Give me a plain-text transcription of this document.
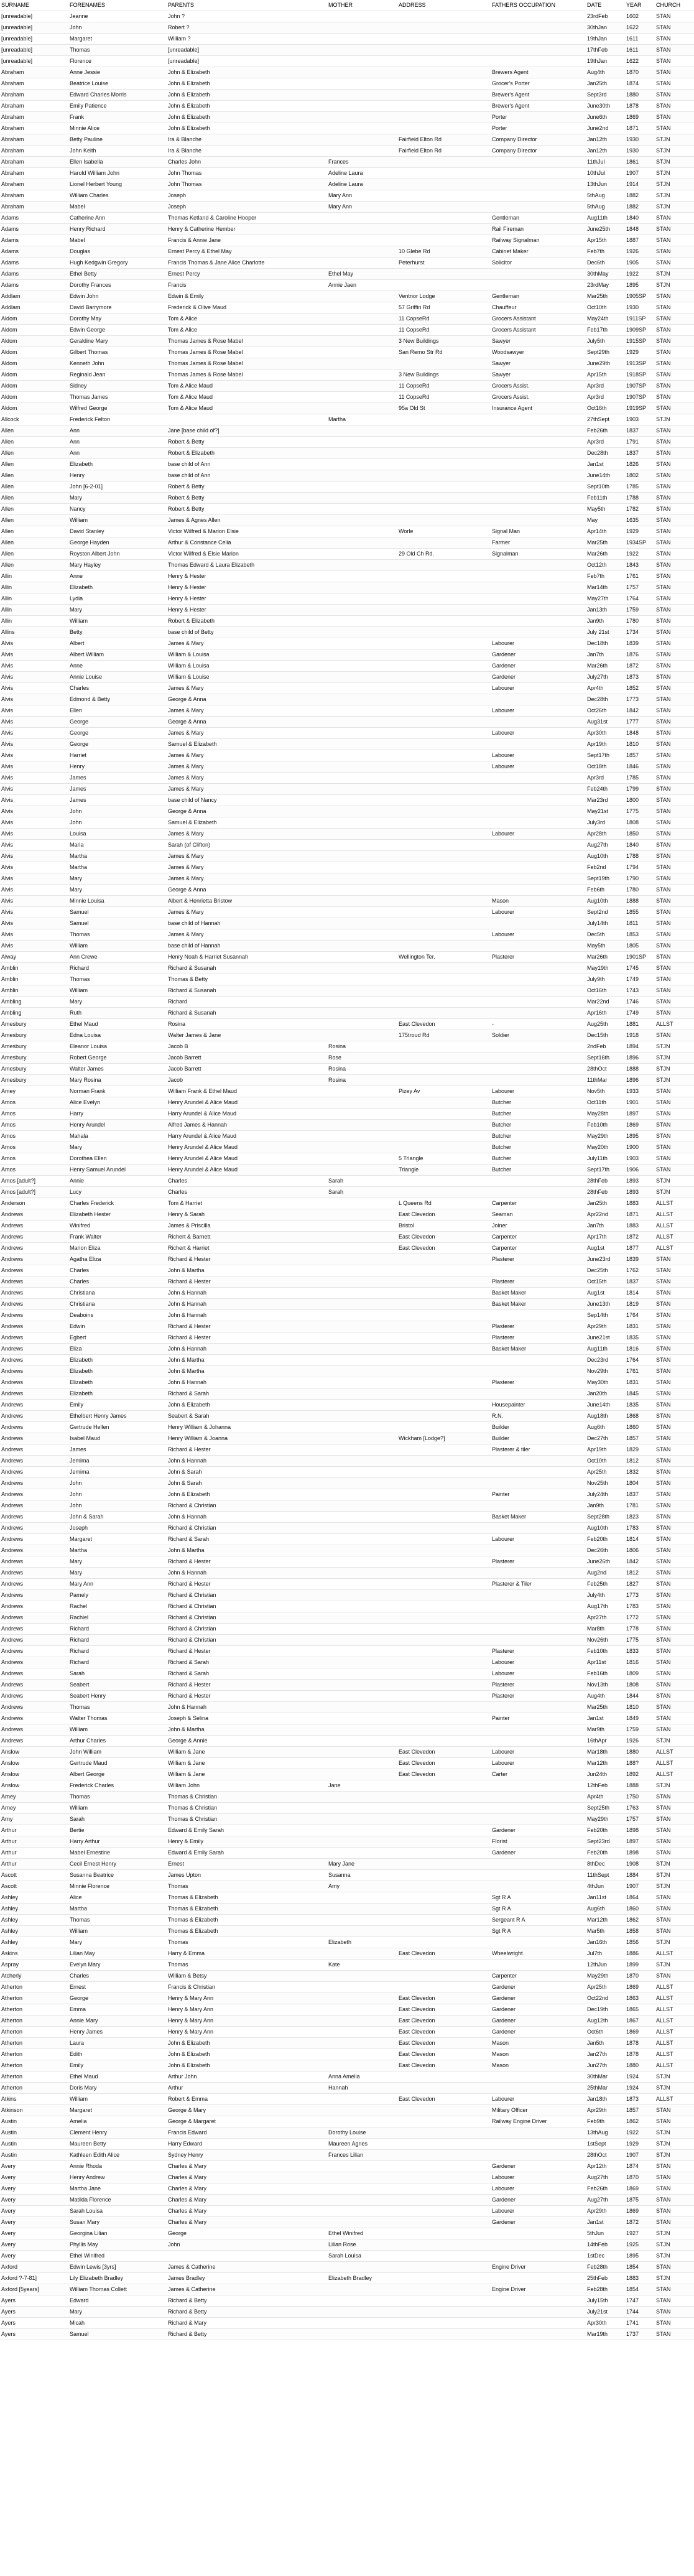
SURNAME	FORENAMES	PARENTS	MOTHER	ADDRESS	FATHERS OCCUPATION	DATE	YEAR	CHURCH
[unreadable]	Jeanne	John ?				23rdFeb	1602	STAN
[unreadable]	John	Robert ?				30thJan	1622	STAN
[unreadable]	Margaret	William ?				19thJan	1611	STAN
[unreadable]	Thomas	[unreadable]				17thFeb	1611	STAN
[unreadable]	Florence	[unreadable]				19thJan	1622	STAN
Abraham	Anne Jessie	John & Elizabeth			Brewers Agent	Aug4th	1870	STAN
Abraham	Beatrice Louise	John & Elizabeth			Grocer's Porter	Jan25th	1874	STAN
Abraham	Edward Charles Morris	John & Elizabeth			Brewer's Agent	Sept3rd	1880	STAN
Abraham	Emily Patience	John & Elizabeth			Brewer's Agent	June30th	1878	STAN
Abraham	Frank	John & Elizabeth			Porter	June6th	1869	STAN
Abraham	Minnie Alice	John & Elizabeth			Porter	June2nd	1871	STAN
Abraham	Betty Pauline	Ira & Blanche		Fairfield Elton Rd	Company Director	Jan12th	1930	STJN
Abraham	John Keith	Ira & Blanche		Fairfield Elton Rd	Company Director	Jan12th	1930	STJN
Abraham	Ellen Isabella	Charles John	Frances			11thJul	1861	STJN
Abraham	Harold William John	John Thomas	Adeline Laura			10thJul	1907	STJN
Abraham	Lionel Herbert Young	John Thomas	Adeline Laura			13thJun	1914	STJN
Abraham	William Charles	Joseph	Mary Ann			5thAug	1882	STJN
Abraham	Mabel	Joseph	Mary Ann			5thAug	1882	STJN
Adams	Catherine Ann	Thomas Ketland & Caroline Hooper			Gentleman	Aug11th	1840	STAN
Adams	Henry Richard	Henry & Catherine Hember			Rail Fireman	June25th	1848	STAN
Adams	Mabel	Francis & Annie Jane			Railway Signalman	Apr15th	1887	STAN
Adams	Douglas	Ernest Percy & Ethel May		10 Glebe Rd	Cabinet Maker	Feb7th	1926	STAN
Adams	Hugh Kedgwin Gregory	Francis Thomas & Jane Alice Charlotte		Peterhurst	Solicitor	Dec6th	1905	STAN
Adams	Ethel Betty	Ernest Percy	Ethel May			30thMay	1922	STJN
Adams	Dorothy Frances	Francis	Annie Jaen			23rdMay	1895	STJN
Addlam	Edwin John	Edwin & Emily		Ventnor Lodge	Gentleman	Mar25th	1905SP	STAN
Addlam	David Barrymore	Frederick & Olive Maud		57 Griffin Rd	Chauffeur	Oct10th	1930	STAN
Aldom	Dorothy May	Tom & Alice		11 CopseRd	Grocers Assistant	May24th	1911SP	STAN
Aldom	Edwin George	Tom & Alice		11 CopseRd	Grocers Assistant	Feb17th	1909SP	STAN
Aldom	Geraldine Mary	Thomas James & Rose Mabel		3 New Buildings	Sawyer	July5th	1915SP	STAN
Aldom	Gilbert Thomas	Thomas James & Rose Mabel		San Remo Str Rd	Woodsawyer	Sept29th	1929	STAN
Aldom	Kenneth John	Thomas James & Rose Mabel			Sawyer	June29th	1913SP	STAN
Aldom	Reginald Jean	Thomas James & Rose Mabel		3 New Buildings	Sawyer	Apr15th	1918SP	STAN
Aldom	Sidney	Tom & Alice Maud		11 CopseRd	Grocers Assist.	Apr3rd	1907SP	STAN
Aldom	Thomas James	Tom & Alice Maud		11 CopseRd	Grocers Assist.	Apr3rd	1907SP	STAN
Aldom	Wilfred George	Tom & Alice Maud		95a Old St	Insurance Agent	Oct16th	1919SP	STAN
Allcock	Frederick Felton		Martha			27thSept	1903	STJN
Allen	Ann	Jane [base child of?]				Feb26th	1837	STAN
Allen	Ann	Robert & Betty				Apr3rd	1791	STAN
Allen	Ann	Robert & Elizabeth				Dec28th	1837	STAN
Allen	Elizabeth	base child of Ann				Jan1st	1826	STAN
Allen	Henry	base child of Ann				June14th	1802	STAN
Allen	John [6-2-01]	Robert & Betty				Sept10th	1785	STAN
Allen	Mary	Robert & Betty				Feb11th	1788	STAN
Allen	Nancy	Robert & Betty				May5th	1782	STAN
Allen	William	James & Agnes Allen				May	1635	STAN
Allen	David Stanley	Victor Wilfred & Marion Elsie		Worle	Signal Man	Apr14th	1929	STAN
Allen	George Hayden	Arthur & Constance Celia			Farmer	Mar25th	1934SP	STAN
Allen	Royston Albert John	Victor Wilfred & Elsie Marion		29 Old Ch Rd.	Signalman	Mar26th	1922	STAN
Allen	Mary Hayley	Thomas Edward & Laura Elizabeth				Oct12th	1843	STAN
Allin	Anne	Henry & Hester				Feb7th	1761	STAN
Allin	Elizabeth	Henry & Hester				Mar14th	1757	STAN
Allin	Lydia	Henry & Hester				May27th	1764	STAN
Allin	Mary	Henry & Hester				Jan13th	1759	STAN
Allin	William	Robert & Elizabeth				Jan9th	1780	STAN
Allins	Betty	base child of Betty				July 21st	1734	STAN
Alvis	Albert	James & Mary			Labourer	Dec18th	1839	STAN
Alvis	Albert William	William & Louisa			Gardener	Jan7th	1876	STAN
Alvis	Anne	William & Louisa			Gardener	Mar26th	1872	STAN
Alvis	Annie Louise	William & Louise			Gardener	July27th	1873	STAN
Alvis	Charles	James & Mary			Labourer	Apr4th	1852	STAN
Alvis	Edmond & Betty	George & Anna				Dec28th	1773	STAN
Alvis	Ellen	James & Mary			Labourer	Oct26th	1842	STAN
Alvis	George	George & Anna				Aug31st	1777	STAN
Alvis	George	James & Mary			Labourer	Apr30th	1848	STAN
Alvis	George	Samuel & Elizabeth				Apr19th	1810	STAN
Alvis	Harriet	James & Mary			Labourer	Sept17th	1857	STAN
Alvis	Henry	James & Mary			Labourer	Oct18th	1846	STAN
Alvis	James	James & Mary				Apr3rd	1785	STAN
Alvis	James	James & Mary				Feb24th	1799	STAN
Alvis	James	base child of Nancy				Mar23rd	1800	STAN
Alvis	John	George & Anna				May21st	1775	STAN
Alvis	John	Samuel & Elizabeth				July3rd	1808	STAN
Alvis	Louisa	James & Mary			Labourer	Apr28th	1850	STAN
Alvis	Maria	Sarah (of Clifton)				Aug27th	1840	STAN
Alvis	Martha	James & Mary				Aug10th	1788	STAN
Alvis	Martha	James & Mary				Feb2nd	1794	STAN
Alvis	Mary	James & Mary				Sept19th	1790	STAN
Alvis	Mary	George & Anna				Feb6th	1780	STAN
Alvis	Minnie Louisa	Albert & Henrietta Bristow			Mason	Aug10th	1888	STAN
Alvis	Samuel	James & Mary			Labourer	Sept2nd	1855	STAN
Alvis	Samuel	base child of Hannah				July14th	1811	STAN
Alvis	Thomas	James & Mary			Labourer	Dec5th	1853	STAN
Alvis	William	base child of Hannah				May5th	1805	STAN
Alway	Ann Crewe	Henry Noah & Harriet Susannah		Wellington Ter.	Plasterer	Mar26th	1901SP	STAN
Amblin	Richard	Richard & Susanah				May19th	1745	STAN
Amblin	Thomas	Thomas & Betty				July9th	1749	STAN
Amblin	William	Richard & Susanah				Oct16th	1743	STAN
Ambling	Mary	Richard				Mar22nd	1746	STAN
Ambling	Ruth	Richard & Susanah				Apr16th	1749	STAN
Amesbury	Ethel Maud	Rosina		East Clevedon	-	Aug25th	1881	ALLST
Amesbury	Edna Louisa	Walter James & Jane		175troud Rd	Soldier	Dec15th	1918	STAN
Amesbury	Eleanor Louisa	Jacob B	Rosina			2ndFeb	1894	STJN
Amesbury	Robert George	Jacob Barrett	Rose			Sept16th	1896	STJN
Amesbury	Walter James	Jacob Barrett	Rosina			28thOct	1888	STJN
Amesbury	Mary Rosina	Jacob	Rosina			11thMar	1896	STJN
Amey	Norman Frank	William Frank & Ethel Maud		Pizey Av	Labourer	Nov5th	1933	STAN
Amos	Alice Evelyn	Henry Arundel & Alice Maud			Butcher	Oct11th	1901	STAN
Amos	Harry	Harry Arundel & Alice Maud			Butcher	May28th	1897	STAN
Amos	Henry Arundel	Alfred James & Hannah			Butcher	Feb10th	1869	STAN
Amos	Mahala	Harry Arundel & Alice Maud			Butcher	May29th	1895	STAN
Amos	Mary	Henry Arundel & Alice Maud			Butcher	May20th	1900	STAN
Amos	Dorothea Ellen	Henry Arundel & Alice Maud		5 Triangle	Butcher	July11th	1903	STAN
Amos	Henry Samuel Arundel	Henry Arundel & Alice Maud		Triangle	Butcher	Sept17th	1906	STAN
Amos [adult?]	Annie	Charles	Sarah			28thFeb	1893	STJN
Amos [adult?]	Lucy	Charles	Sarah			28thFeb	1893	STJN
Anderson	Charles Frederick	Tom & Harriet		L Queens Rd	Carpenter	Jan25th	1883	ALLST
Andrews	Elizabeth Hester	Henry & Sarah		East Clevedon	Seaman	Apr22nd	1871	ALLST
Andrews	Winifred	James & Priscilla		Bristol	Joiner	Jan7th	1883	ALLST
Andrews	Frank Walter	Richert & Barnett		East Clevedon	Carpenter	Apr17th	1872	ALLST
Andrews	Marion Eliza	Richert & Harriet		East Clevedon	Carpenter	Aug1st	1877	ALLST
Andrews	Agatha Eliza	Richard & Hester			Plasterer	June23rd	1839	STAN
Andrews	Charles	John & Martha				Dec25th	1762	STAN
Andrews	Charles	Richard & Hester			Plasterer	Oct15th	1837	STAN
Andrews	Christiana	John & Hannah			Basket Maker	Aug1st	1814	STAN
Andrews	Christiana	John & Hannah			Basket Maker	June13th	1819	STAN
Andrews	Deaboins	John & Hannah				Sep14th	1764	STAN
Andrews	Edwin	Richard & Hester			Plasterer	Apr29th	1831	STAN
Andrews	Egbert	Richard & Hester			Plasterer	June21st	1835	STAN
Andrews	Eliza	John & Hannah			Basket Maker	Aug11th	1816	STAN
Andrews	Elizabeth	John & Martha				Dec23rd	1764	STAN
Andrews	Elizabeth	John & Martha				Nov29th	1761	STAN
Andrews	Elizabeth	John & Hannah			Plasterer	May30th	1831	STAN
Andrews	Elizabeth	Richard & Sarah				Jan20th	1845	STAN
Andrews	Emily	John & Elizabeth			Housepainter	June14th	1835	STAN
Andrews	Ethelbert Henry James	Seabert & Sarah			R.N.	Aug18th	1868	STAN
Andrews	Gertrude Hellen	Henry William & Johanna			Builder	Aug6th	1860	STAN
Andrews	Isabel Maud	Henry William & Joanna		Wickham [Lodge?]	Builder	Dec27th	1857	STAN
Andrews	James	Richard & Hester			Plasterer & tiler	Apr19th	1829	STAN
Andrews	Jemima	John & Hannah				Oct10th	1812	STAN
Andrews	Jemima	John & Sarah				Apr25th	1832	STAN
Andrews	John	John & Sarah				Nov25th	1804	STAN
Andrews	John	John & Elizabeth			Painter	July24th	1837	STAN
Andrews	John	Richard & Christian				Jan9th	1781	STAN
Andrews	John & Sarah	John & Hannah			Basket Maker	Sept28th	1823	STAN
Andrews	Joseph	Richard & Christian				Aug10th	1783	STAN
Andrews	Margaret	Richard & Sarah			Labourer	Feb20th	1814	STAN
Andrews	Martha	John & Martha				Dec26th	1806	STAN
Andrews	Mary	Richard & Hester			Plasterer	June26th	1842	STAN
Andrews	Mary	John & Hannah				Aug2nd	1812	STAN
Andrews	Mary Ann	Richard & Hester			Plasterer & Tiler	Feb25th	1827	STAN
Andrews	Pamely	Richard & Christian				July4th	1773	STAN
Andrews	Rachel	Richard & Christian				Aug17th	1783	STAN
Andrews	Rachiel	Richard & Christian				Apr27th	1772	STAN
Andrews	Richard	Richard & Christian				Mar8th	1778	STAN
Andrews	Richard	Richard & Christian				Nov26th	1775	STAN
Andrews	Richard	Richard & Hester			Plasterer	Feb10th	1833	STAN
Andrews	Richard	Richard & Sarah			Labourer	Apr11st	1816	STAN
Andrews	Sarah	Richard & Sarah			Labourer	Feb16th	1809	STAN
Andrews	Seabert	Richard & Hester			Plasterer	Nov13th	1808	STAN
Andrews	Seabert Henry	Richard & Hester			Plasterer	Aug4th	1844	STAN
Andrews	Thomas	John & Hannah				Mar25th	1810	STAN
Andrews	Walter Thomas	Joseph & Selina			Painter	Jan1st	1849	STAN
Andrews	William	John & Martha				Mar9th	1759	STAN
Andrews	Arthur Charles	George & Annie				16thApr	1926	STJN
Anslow	John William	William & Jane		East Clevedon	Labourer	Mar18th	1880	ALLST
Anslow	Gertrude Maud	William & Jane		East Clevedon	Labourer	Mar12th	188?	ALLST
Anslow	Albert George	William & Jane		East Clevedon	Carter	Jun24th	1892	ALLST
Anslow	Frederick Charles	William John	Jane			12thFeb	1888	STJN
Arney	Thomas	Thomas & Christian				Apr4th	1750	STAN
Arney	William	Thomas & Christian				Sept25th	1763	STAN
Arny	Sarah	Thomas & Christian				May29th	1757	STAN
Arthur	Bertie	Edward & Emily Sarah			Gardener	Feb20th	1898	STAN
Arthur	Harry Arthur	Henry & Emily			Florist	Sept23rd	1897	STAN
Arthur	Mabel Ernestine	Edward & Emily Sarah			Gardener	Feb20th	1898	STAN
Arthur	Cecil Ernest Henry	Ernest	Mary Jane			8thDec	1908	STJN
Ascott	Susanna Beatrice	James Upton	Susanna			11thSept	1884	STJN
Ascott	Minnie Florence	Thomas	Amy			4thJun	1907	STJN
Ashley	Alice	Thomas & Elizabeth			Sgt R A	Jan11st	1864	STAN
Ashley	Martha	Thomas & Elizabeth			Sgt R A	Aug6th	1860	STAN
Ashley	Thomas	Thomas & Elizabeth			Sergeant R A	Mar12th	1862	STAN
Ashley	William	Thomas & Elizabeth			Sgt R A	Mar5th	1858	STAN
Ashley	Mary	Thomas	Elizabeth			Jan16th	1856	STJN
Askins	Lilian May	Harry & Emma		East Clevedon	Wheelwright	Jul7th	1886	ALLST
Aspray	Evelyn Mary	Thomas	Kate			12thJun	1899	STJN
Atcherly	Charles	William & Betsy			Carpenter	May29th	1870	STAN
Atherton	Ernest	Francis & Christian			Gardener	Apr25th	1869	ALLST
Atherton	George	Henry & Mary Ann		East Clevedon	Gardener	Oct22nd	1863	ALLST
Atherton	Emma	Henry & Mary Ann		East Clevedon	Gardener	Dec19th	1865	ALLST
Atherton	Annie Mary	Henry & Mary Ann		East Clevedon	Gardener	Aug12th	1867	ALLST
Atherton	Henry James	Henry & Mary Ann		East Clevedon	Gardener	Oct6th	1869	ALLST
Atherton	Laura	John & Elizabeth		East Clevedon	Mason	Jan5th	1878	ALLST
Atherton	Edith	John & Elizabeth		East Clevedon	Mason	Jan27th	1878	ALLST
Atherton	Emily	John & Elizabeth		East Clevedon	Mason	Jun27th	1880	ALLST
Atherton	Ethel Maud	Arthur John	Anna Amelia			30thMar	1924	STJN
Atherton	Doris Mary	Arthur	Hannah			25thMar	1924	STJN
Atkins	William	Robert & Emma		East Clevedon	Labourer	Jan18th	1873	ALLST
Atkinson	Margaret	George & Mary			Military Officer	Apr29th	1857	STAN
Austin	Amelia	George & Margaret			Railway Engine Driver	Feb9th	1862	STAN
Austin	Clement Henry	Francis Edward	Dorothy Louise			13thAug	1922	STJN
Austin	Maureen Betty	Harry Edward	Maureen Agnes			1stSept	1929	STJN
Austin	Kathleen Edith Alice	Sydney Henry	Frances Lilian			28thOct	1907	STJN
Avery	Annie Rhoda	Charles & Mary			Gardener	Apr12th	1874	STAN
Avery	Henry Andrew	Charles & Mary			Labourer	Aug27th	1870	STAN
Avery	Martha Jane	Charles & Mary			Labourer	Feb26th	1869	STAN
Avery	Matilda Florence	Charles & Mary			Gardener	Aug27th	1875	STAN
Avery	Sarah Louisa	Charles & Mary			Labourer	Apr29th	1869	STAN
Avery	Susan Mary	Charles & Mary			Gardener	Jan1st	1872	STAN
Avery	Georgina Lilian	George	Ethel Winifred			5thJun	1927	STJN
Avery	Phyllis May	John	Lilian Rose			14thFeb	1925	STJN
Avery	Ethel Winifred		Sarah Louisa			1stDec	1895	STJN
Axford	Edwin Lewis [3yrs]	James & Catherine			Engine Driver	Feb28th	1854	STAN
Axford ?-7-81]	Lily Elizabeth Bradley	James Bradley	Elizabeth Bradley			25thFeb	1883	STJN
Axford [5years]	William Thomas Collett	James & Catherine			Engine Driver	Feb28th	1854	STAN
Ayers	Edward	Richard & Betty				July15th	1747	STAN
Ayers	Mary	Richard & Betty				July21st	1744	STAN
Ayers	Micah	Richard & Mary				Apr30th	1741	STAN
Ayers	Samuel	Richard & Betty				Mar19th	1737	STAN
